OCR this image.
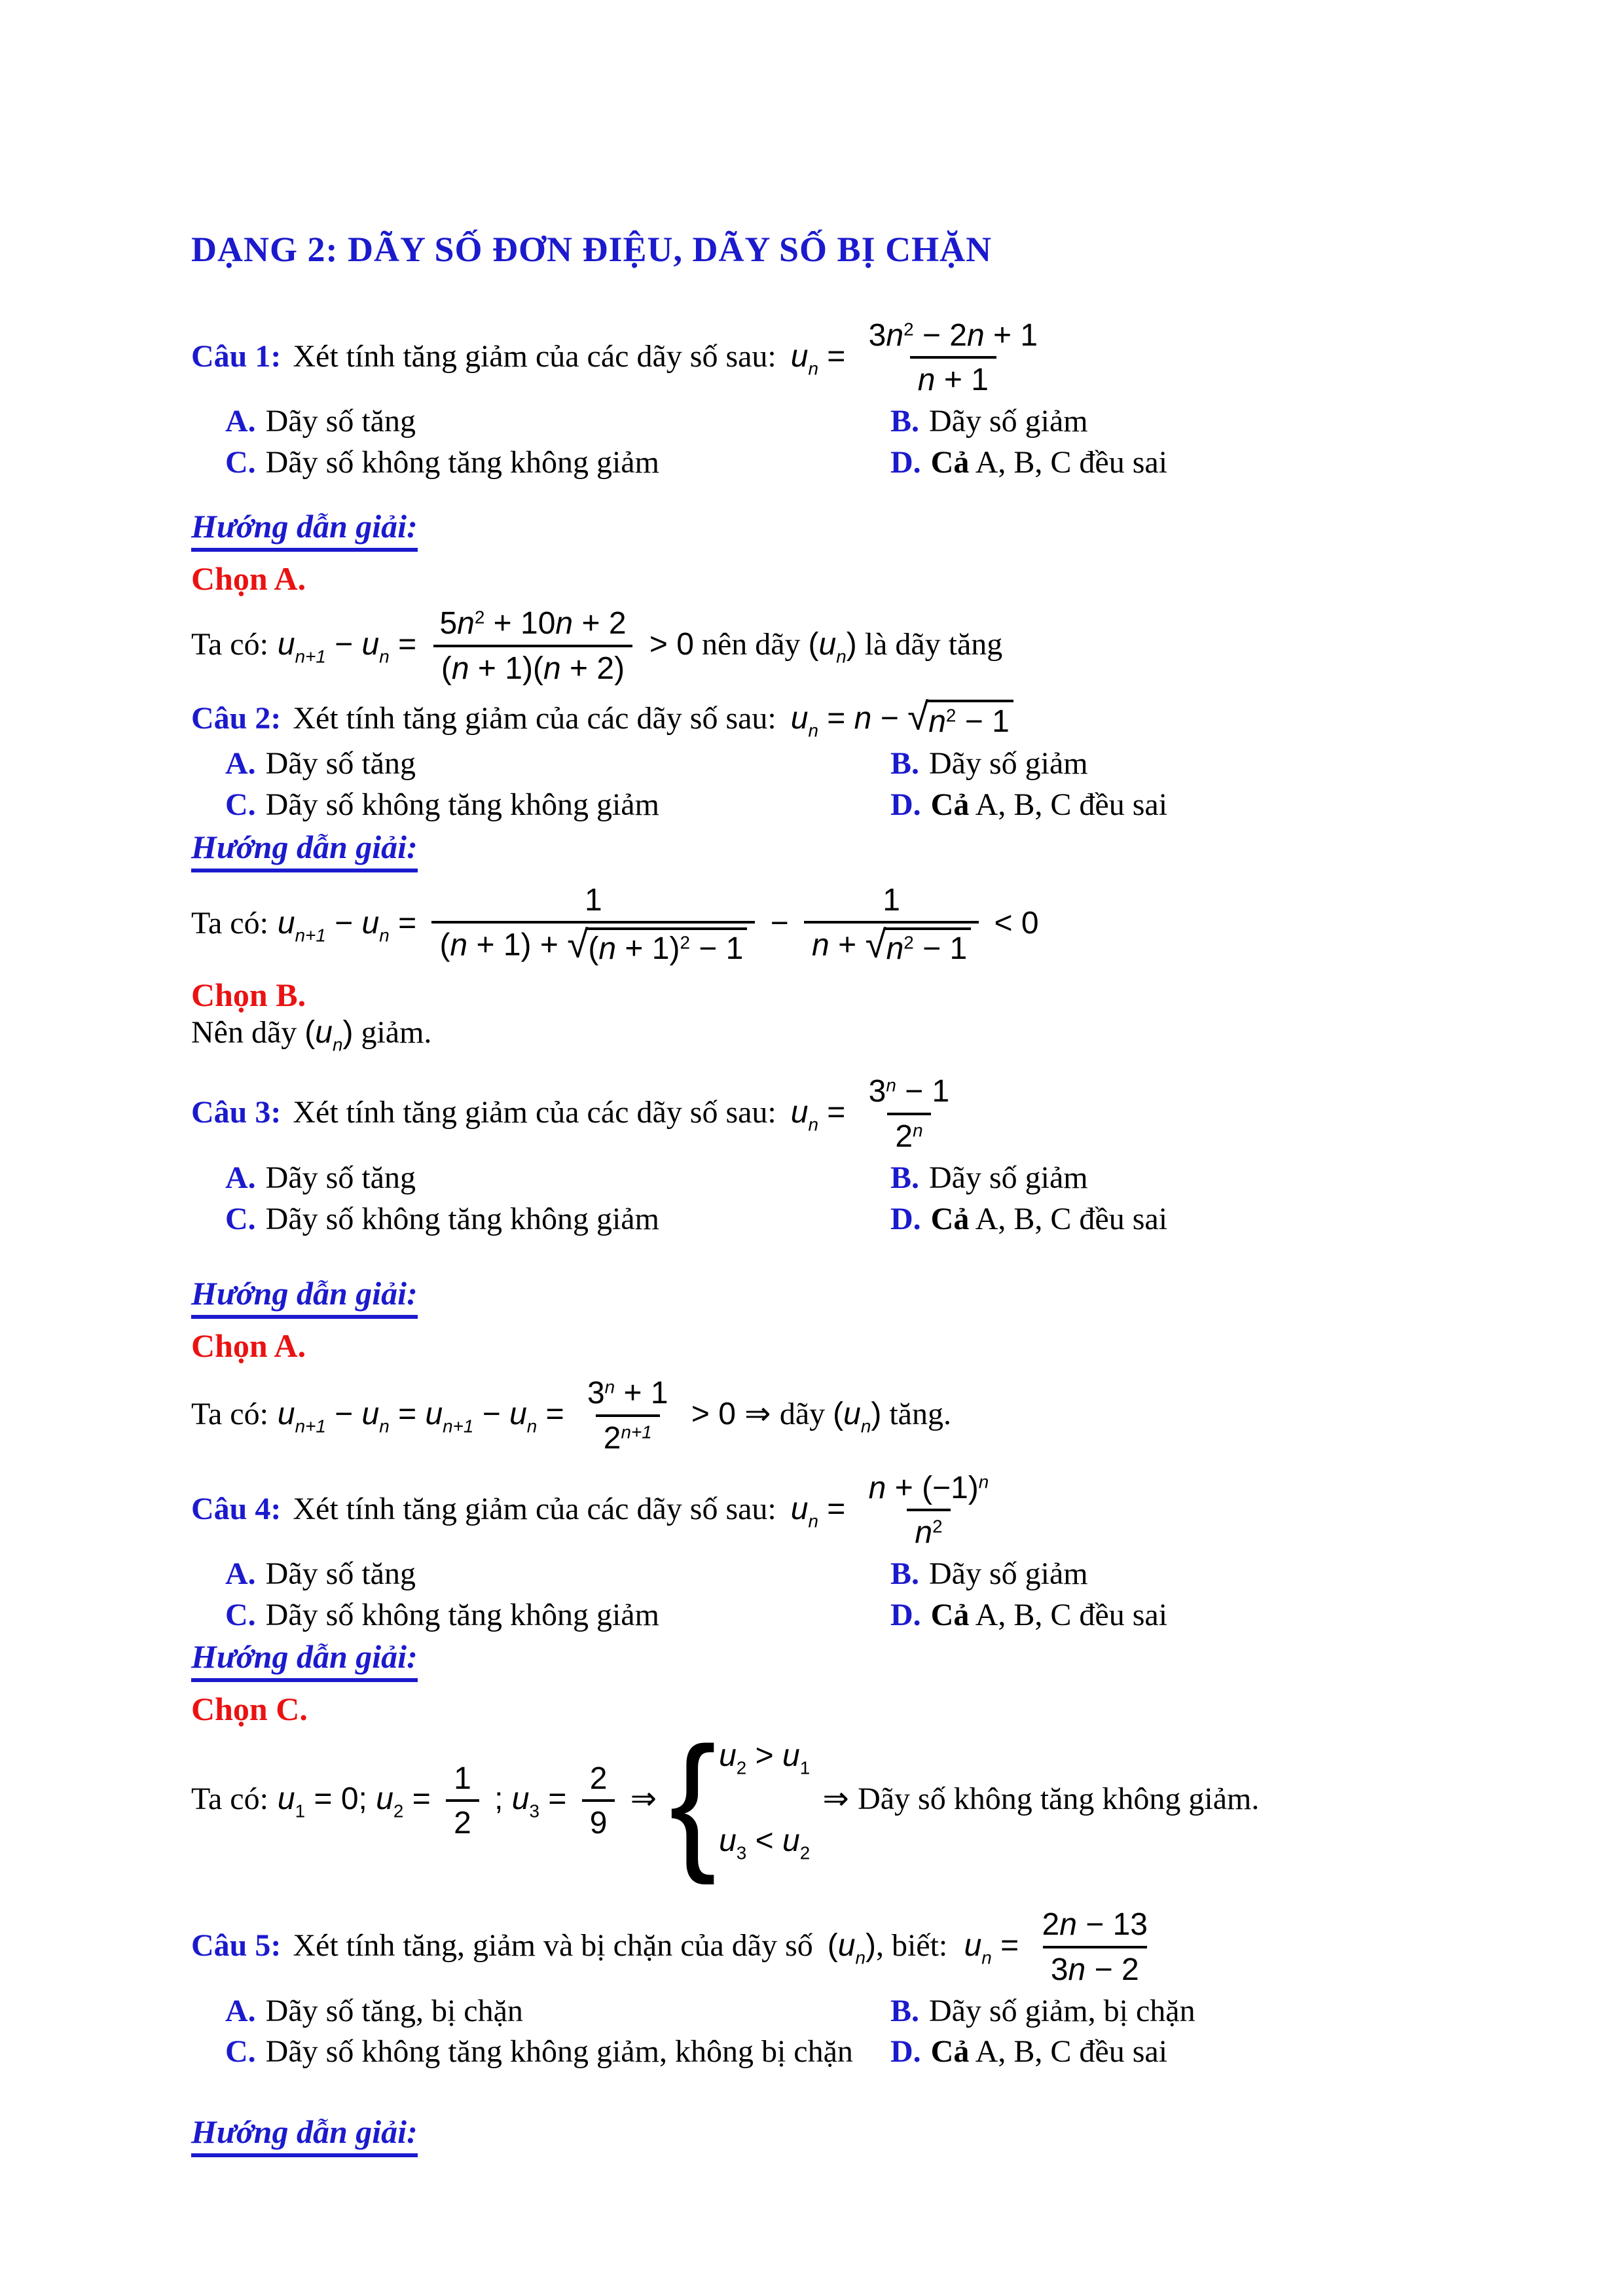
DẠNG 2: DÃY SỐ ĐƠN ĐIỆU, DÃY SỐ BỊ CHẶN
Câu 1: Xét tính tăng giảm của các dãy số sau: $u_n = \frac{3n^2 - 2n + 1}{n + 1}$
A. Dãy số tăng	B. Dãy số giảm
C. Dãy số không tăng không giảm	D. Cả A, B, C đều sai
Hướng dẫn giải:
Chọn A.
Ta có: $u_{n+1} - u_n = \frac{5n^2 + 10n + 2}{(n + 1)(n + 2)} > 0$ nên dãy $(u_n)$ là dãy tăng
Câu 2: Xét tính tăng giảm của các dãy số sau: $u_n = n$ − √ $n^2 - 1$
A. Dãy số tăng	B. Dãy số giảm
C. Dãy số không tăng không giảm	D. Cả A, B, C đều sai
Hướng dẫn giải:
Ta có: $u_{n+1} - u_n = \frac{1}{(n + 1) + √ (n + 1)^2 - 1} - \frac{1}{n + √ n^2 - 1} < 0$
Chọn B.
Nên dãy $(u_n)$ giảm.
Câu 3: Xét tính tăng giảm của các dãy số sau: $u_n = \frac{3^n - 1}{2^n}$
A. Dãy số tăng	B. Dãy số giảm
C. Dãy số không tăng không giảm	D. Cả A, B, C đều sai
Hướng dẫn giải:
Chọn A.
Ta có: $u_{n+1} - u_n = u_{n+1} - u_n = \frac{3^n + 1}{2^{n+1}} > 0$ ⇒ dãy $(u_n)$ tăng.
Câu 4: Xét tính tăng giảm của các dãy số sau: $u_n = \frac{n + (-1)^n}{n^2}$
A. Dãy số tăng	B. Dãy số giảm
C. Dãy số không tăng không giảm	D. Cả A, B, C đều sai
Hướng dẫn giải:
Chọn C.
Ta có: $u_1 = 0$; $u_2 = \frac{1}{2}$ ; $u_3 = \frac{2}{9}$ ⇒ { $u_2 > u_1$
$u_3 < u_2$
⇒ Dãy số không tăng không giảm.
Câu 5: Xét tính tăng, giảm và bị chặn của dãy số $(u_n)$, biết: $u_n = \frac{2n - 13}{3n - 2}$
A. Dãy số tăng, bị chặn	B. Dãy số giảm, bị chặn
C. Dãy số không tăng không giảm, không bị chặn	D. Cả A, B, C đều sai
Hướng dẫn giải:
